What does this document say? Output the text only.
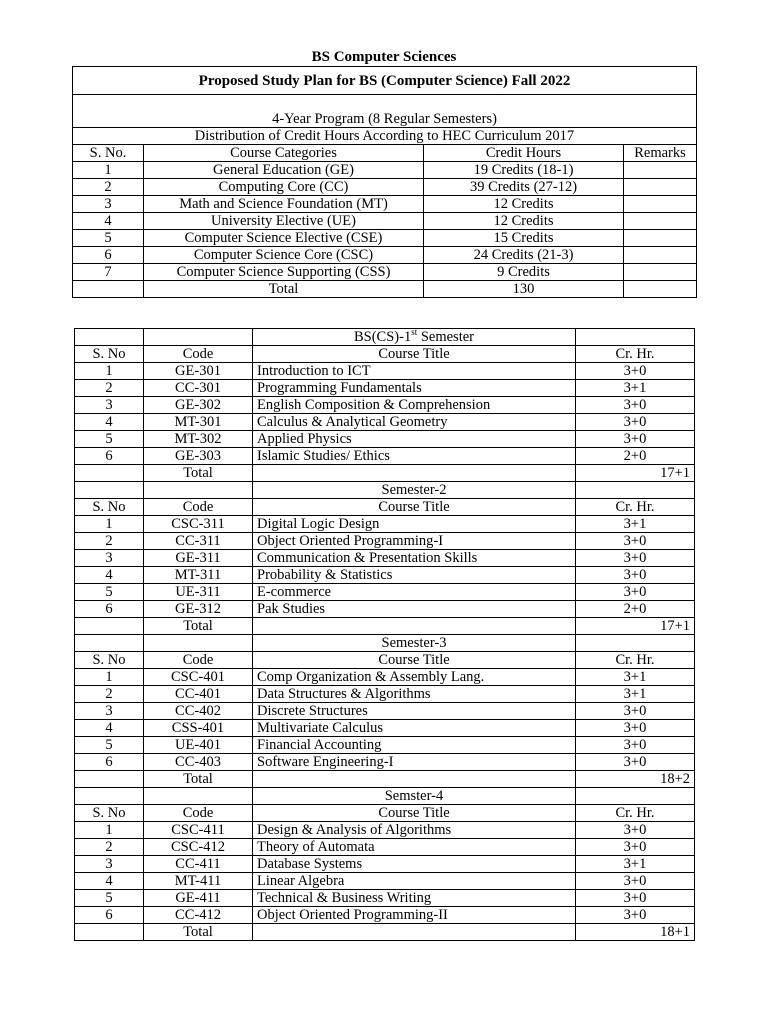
BS Computer Sciences
Proposed Study Plan for BS (Computer Science) Fall 2022			
4-Year Program (8 Regular Semesters)			
Distribution of Credit Hours According to HEC Curriculum 2017			
S. No.	Course Categories	Credit Hours	Remarks
1	General Education (GE)	19 Credits (18-1)	
2	Computing Core (CC)	39 Credits (27-12)	
3	Math and Science Foundation (MT)	12 Credits	
4	University Elective (UE)	12 Credits	
5	Computer Science Elective (CSE)	15 Credits	
6	Computer Science Core (CSC)	24 Credits (21-3)	
7	Computer Science Supporting (CSS)	9 Credits	
	Total	130	
		BS(CS)-1st Semester	
S. No	Code	Course Title	Cr. Hr.
1	GE-301	Introduction to ICT	3+0
2	CC-301	Programming Fundamentals	3+1
3	GE-302	English Composition & Comprehension	3+0
4	MT-301	Calculus & Analytical Geometry	3+0
5	MT-302	Applied Physics	3+0
6	GE-303	Islamic Studies/ Ethics	2+0
	Total		17+1
		Semester-2	
S. No	Code	Course Title	Cr. Hr.
1	CSC-311	Digital Logic Design	3+1
2	CC-311	Object Oriented Programming-I	3+0
3	GE-311	Communication & Presentation Skills	3+0
4	MT-311	Probability & Statistics	3+0
5	UE-311	E-commerce	3+0
6	GE-312	Pak Studies	2+0
	Total		17+1
		Semester-3	
S. No	Code	Course Title	Cr. Hr.
1	CSC-401	Comp Organization & Assembly Lang.	3+1
2	CC-401	Data Structures & Algorithms	3+1
3	CC-402	Discrete Structures	3+0
4	CSS-401	Multivariate Calculus	3+0
5	UE-401	Financial Accounting	3+0
6	CC-403	Software Engineering-I	3+0
	Total		18+2
		Semster-4	
S. No	Code	Course Title	Cr. Hr.
1	CSC-411	Design & Analysis of Algorithms	3+0
2	CSC-412	Theory of Automata	3+0
3	CC-411	Database Systems	3+1
4	MT-411	Linear Algebra	3+0
5	GE-411	Technical & Business Writing	3+0
6	CC-412	Object Oriented Programming-II	3+0
	Total		18+1
